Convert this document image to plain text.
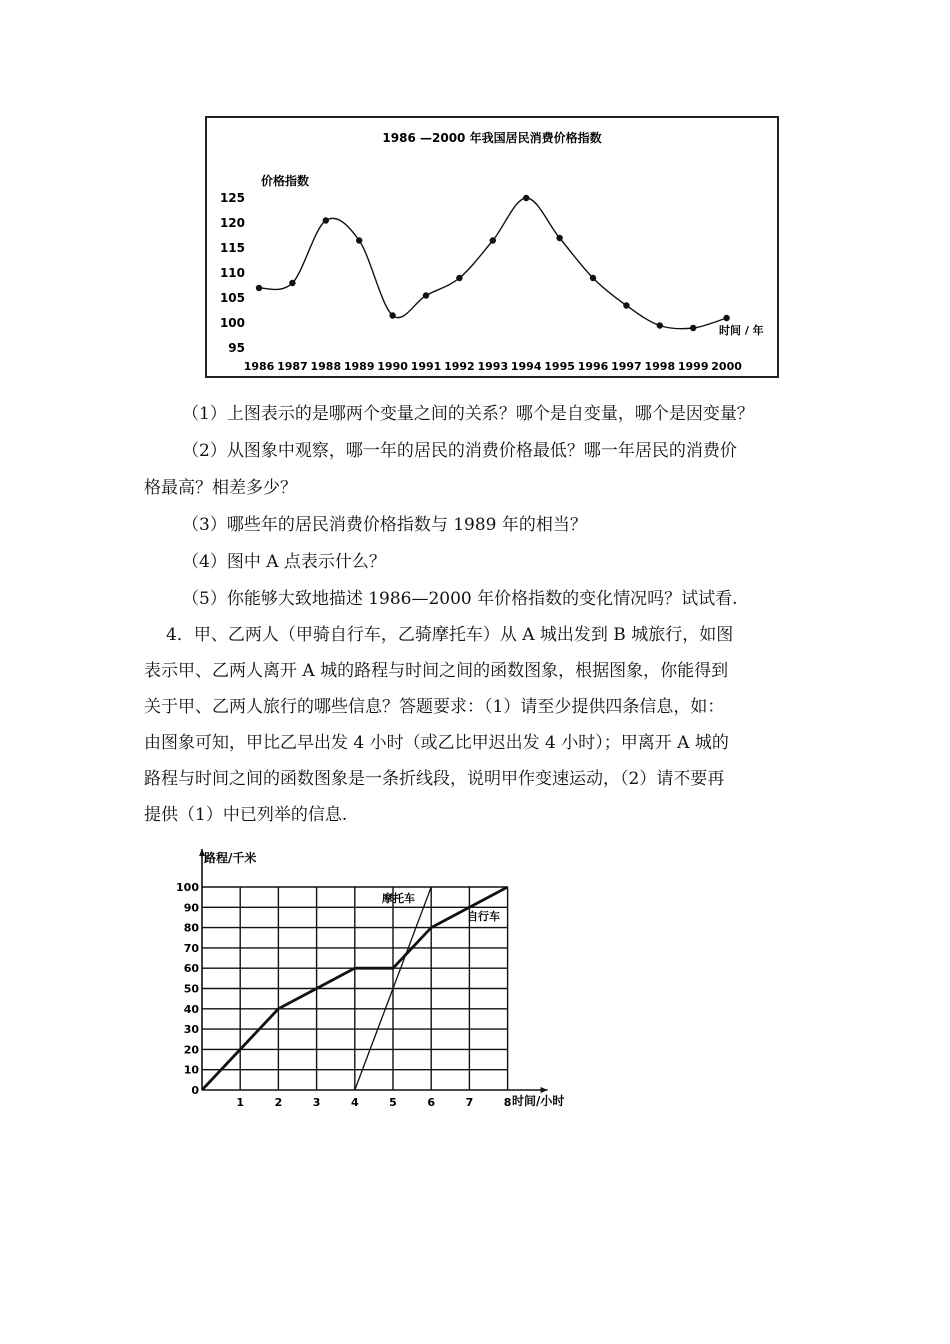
1986 —2000 年我国居民消费价格指数
价格指数
时间 / 年
95
100
105
110
115
120
125
1986 1987 1988 1989 1990 1991 1992 1993 1994 1995 1996 1997 1998 1999 2000
（1）上图表示的是哪两个变量之间的关系？哪个是自变量，哪个是因变量？
（2）从图象中观察，哪一年的居民的消费价格最低？哪一年居民的消费价
格最高？相差多少？
（3）哪些年的居民消费价格指数与 1989 年的相当？
（4）图中 A 点表示什么？
（5）你能够大致地描述 1986—2000 年价格指数的变化情况吗？试试看.
4．甲、乙两人（甲骑自行车，乙骑摩托车）从 A 城出发到 B 城旅行，如图
表示甲、乙两人离开 A 城的路程与时间之间的函数图象，根据图象，你能得到
关于甲、乙两人旅行的哪些信息？答题要求：（1）请至少提供四条信息，如：
由图象可知，甲比乙早出发 4 小时（或乙比甲迟出发 4 小时）；甲离开 A 城的
路程与时间之间的函数图象是一条折线段，说明甲作变速运动，（2）请不要再
提供（1）中已列举的信息.
路程/千米
时间/小时
0
10
20
30
40
50
60
70
80
90
100
1	2	3	4	5	6	7	8
摩托车
自行车
